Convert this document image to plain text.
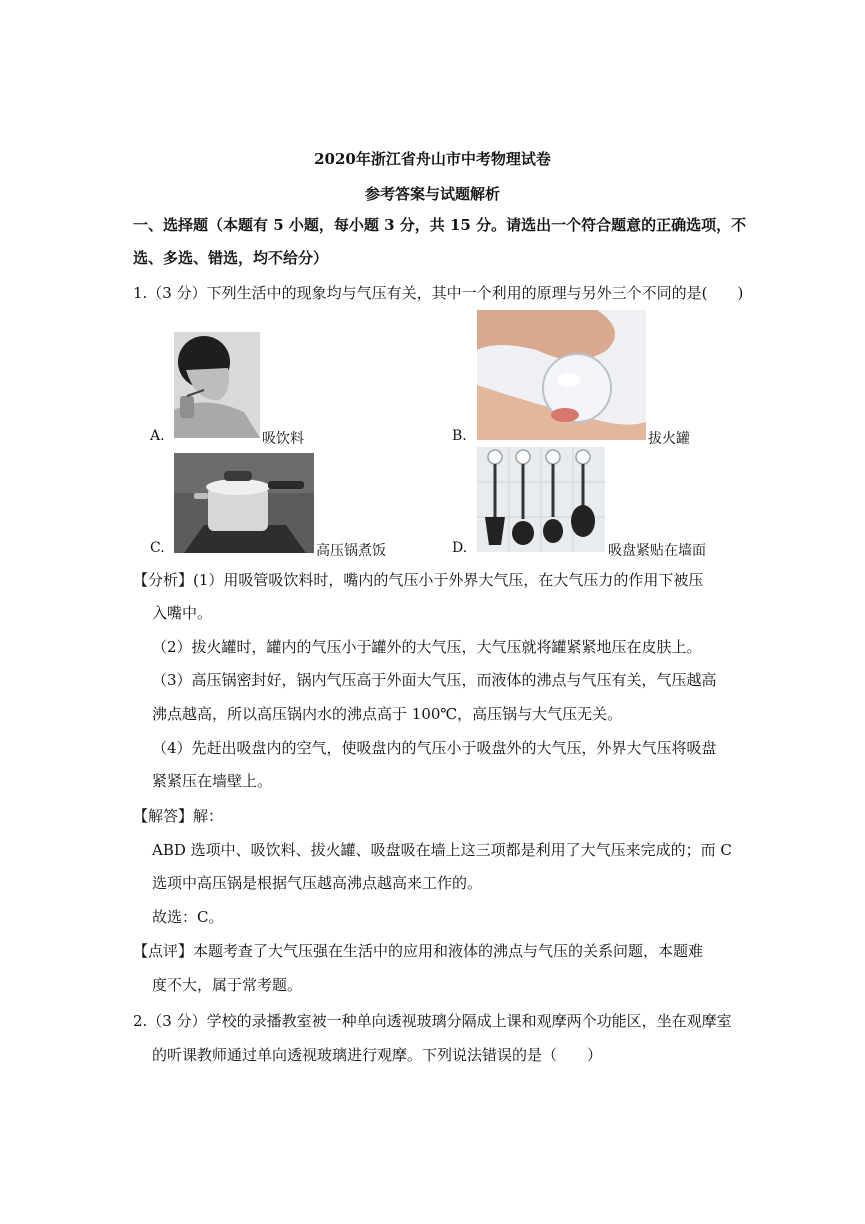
2020年浙江省舟山市中考物理试卷
参考答案与试题解析
一、选择题（本题有 5 小题，每小题 3 分，共 15 分。请选出一个符合题意的正确选项，不
选、多选、错选，均不给分）
1.（3 分）下列生活中的现象均与气压有关，其中一个利用的原理与另外三个不同的是(　　)
A.	吸饮料	B.	拔火罐
C.	高压锅煮饭	D.	吸盘紧贴在墙面
【分析】(1）用吸管吸饮料时，嘴内的气压小于外界大气压，在大气压力的作用下被压
入嘴中。
（2）拔火罐时，罐内的气压小于罐外的大气压，大气压就将罐紧紧地压在皮肤上。
（3）高压锅密封好，锅内气压高于外面大气压，而液体的沸点与气压有关，气压越高
沸点越高，所以高压锅内水的沸点高于 100℃，高压锅与大气压无关。
（4）先赶出吸盘内的空气，使吸盘内的气压小于吸盘外的大气压，外界大气压将吸盘
紧紧压在墙壁上。
【解答】解：
ABD 选项中、吸饮料、拔火罐、吸盘吸在墙上这三项都是利用了大气压来完成的；而 C
选项中高压锅是根据气压越高沸点越高来工作的。
故选：C。
【点评】本题考查了大气压强在生活中的应用和液体的沸点与气压的关系问题，本题难
度不大，属于常考题。
2.（3 分）学校的录播教室被一种单向透视玻璃分隔成上课和观摩两个功能区，坐在观摩室
的听课教师通过单向透视玻璃进行观摩。下列说法错误的是（　　）
